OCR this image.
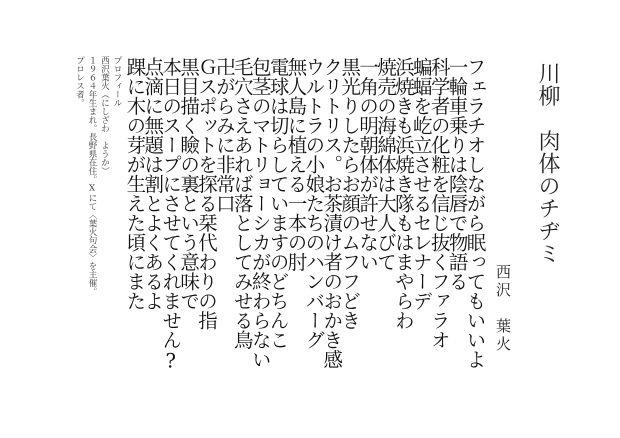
川柳　肉体のチヂミ
西沢　葉火
フェラチオしながら眠ってもいいよ
一輪車乗りは陰唇で物語る
科学者の化粧を信じ抜くファラオ
蝙蝠を屹立させるセレナーデ
浜焼きも浜焼き隊もはまやらわ
焼売の海綿体は大人びて
一角の明朝体が許せない
黒光りしたらお顔のムフフどき
クリトリス。お茶漬け者のおかき感
ウルトラの小娘たちのハンバーグ
無人島に植える一本の肘
電球は切らしていますのどちんこ
包茎のマトリョーシカが終わらない
毛穴さえあれば落としてみせる鳥
卍がらみに非常口
Ｇスポットを探る栞代わりの指
黒目描く瞼の裏という意味で
本日のスープにさせてくれません?
点滴に無題は割とよくあるよ
踝に木の芽が生えた頃にまた
プロフィール
西沢葉火（にしざわ　ようか）
１９６４年生まれ。長野県在住。Xにて〈葉火句会〉を主催。
プロレス者。
